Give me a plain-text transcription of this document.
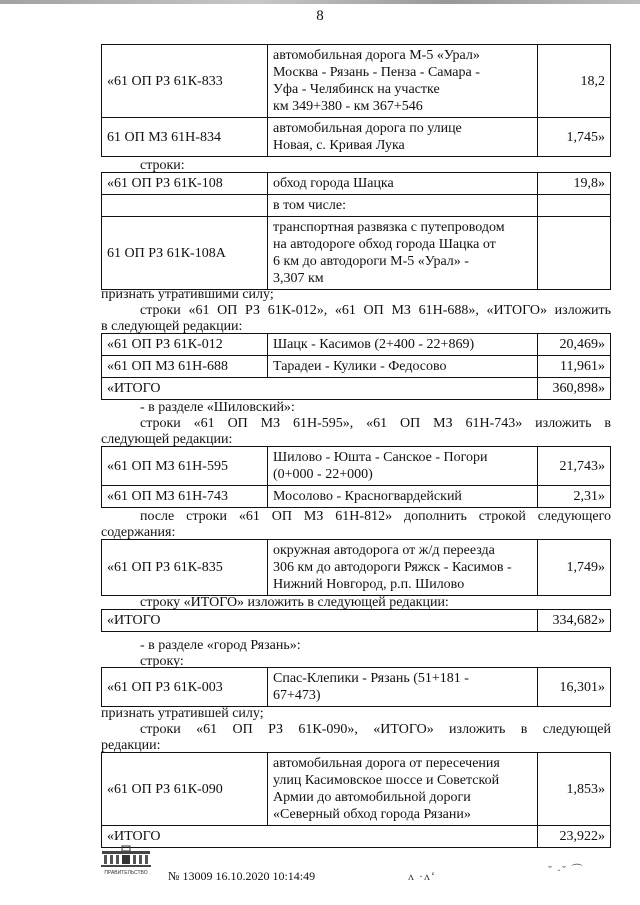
8
«61 ОП РЗ 61К-833	автомобильная дорога М-5 «Урал»
Москва - Рязань - Пенза - Самара -
Уфа - Челябинск на участке
км 349+380 - км 367+546	18,2
61 ОП МЗ 61Н-834	автомобильная дорога по улице
Новая, с. Кривая Лука	1,745»
строки:
«61 ОП РЗ 61К-108	обход города Шацка	19,8»
	в том числе:	
61 ОП РЗ 61К-108А	транспортная развязка с путепроводом
на автодороге обход города Шацка от
6 км до автодороги М-5 «Урал» -
3,307 км	

признать утратившими силу;
строки «61 ОП РЗ 61К-012», «61 ОП МЗ 61Н-688», «ИТОГО» изложить
в следующей редакции:
«61 ОП РЗ 61К-012	Шацк - Касимов (2+400 - 22+869)	20,469»
«61 ОП МЗ 61Н-688	Тарадеи - Кулики - Федосово	11,961»
«ИТОГО		360,898»
- в разделе «Шиловский»:
строки «61 ОП МЗ 61Н-595», «61 ОП МЗ 61Н-743» изложить в
следующей редакции:
«61 ОП МЗ 61Н-595	Шилово - Юшта - Санское - Погори
(0+000 - 22+000)	21,743»
«61 ОП МЗ 61Н-743	Мосолово - Красногвардейский	2,31»
после строки «61 ОП МЗ 61Н-812» дополнить строкой следующего
содержания:
«61 ОП РЗ 61К-835	
окружная автодорога от ж/д переезда
306 км до автодороги Ряжск - Касимов -
Нижний Новгород, р.п. Шилово
	1,749»
строку «ИТОГО» изложить в следующей редакции:
«ИТОГО	334,682»
- в разделе «город Рязань»:
строку:
«61 ОП РЗ 61К-003	
Спас-Клепики - Рязань (51+181 -
67+473)
	16,301»
признать утратившей силу;
строки «61 ОП РЗ 61К-090», «ИТОГО» изложить в следующей
редакции:
«61 ОП РЗ 61К-090	автомобильная дорога от пересечения
улиц Касимовское шоссе и Советской
Армии до автомобильной дороги
«Северный обход города Рязани»	1,853»
«ИТОГО		23,922»
ПРАВИТЕЛЬСТВО № 13009 16.10.2020 10:14:49	ʌ ·ʌ‘	˘ ·˘ ⌒
